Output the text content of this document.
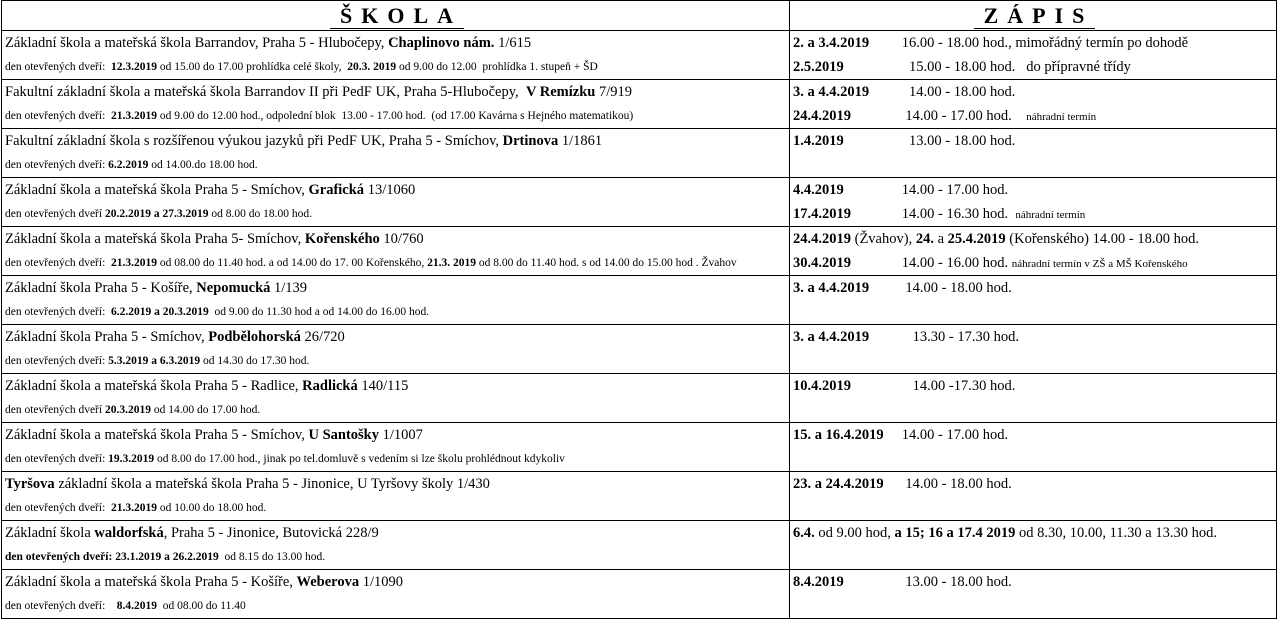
ŠKOLA	ZÁPIS
Základní škola a mateřská škola Barrandov, Praha 5 - Hlubočepy, Chaplinovo nám. 1/615	2. a 3.4.2019         16.00 - 18.00 hod., mimořádný termín po dohodě
den otevřených dveří:  12.3.2019 od 15.00 do 17.00 prohlídka celé školy,  20.3. 2019 od 9.00 do 12.00  prohlídka 1. stupeň + ŠD	2.5.2019                  15.00 - 18.00 hod.   do přípravné třídy
Fakultní základní škola a mateřská škola Barrandov II při PedF UK, Praha 5-Hlubočepy,  V Remízku 7/919	3. a 4.4.2019           14.00 - 18.00 hod.
den otevřených dveří:  21.3.2019 od 9.00 do 12.00 hod., odpolední blok  13.00 - 17.00 hod.  (od 17.00 Kavárna s Hejného matematikou)	24.4.2019               14.00 - 17.00 hod.    náhradní termín
Fakultní základní škola s rozšířenou výukou jazyků při PedF UK, Praha 5 - Smíchov, Drtinova 1/1861	1.4.2019                  13.00 - 18.00 hod.
den otevřených dveří: 6.2.2019 od 14.00.do 18.00 hod.	
Základní škola a mateřská škola Praha 5 - Smíchov, Grafická 13/1060	4.4.2019                14.00 - 17.00 hod.
den otevřených dveří 20.2.2019 a 27.3.2019 od 8.00 do 18.00 hod.	17.4.2019              14.00 - 16.30 hod.  náhradní termín
Základní škola a mateřská škola Praha 5- Smíchov, Kořenského 10/760	24.4.2019 (Žvahov), 24. a 25.4.2019 (Kořenského) 14.00 - 18.00 hod.
den otevřených dveří:  21.3.2019 od 08.00 do 11.40 hod. a od 14.00 do 17. 00 Kořenského, 21.3. 2019 od 8.00 do 11.40 hod. s od 14.00 do 15.00 hod . Žvahov	30.4.2019              14.00 - 16.00 hod. náhradní termín v ZŠ a MŠ Kořenského
Základní škola Praha 5 - Košíře, Nepomucká 1/139	3. a 4.4.2019          14.00 - 18.00 hod.
den otevřených dveří:  6.2.2019 a 20.3.2019  od 9.00 do 11.30 hod a od 14.00 do 16.00 hod.	
Základní škola Praha 5 - Smíchov, Podbělohorská 26/720	3. a 4.4.2019            13.30 - 17.30 hod.
den otevřených dveří: 5.3.2019 a 6.3.2019 od 14.30 do 17.30 hod.	
Základní škola a mateřská škola Praha 5 - Radlice, Radlická 140/115	10.4.2019                 14.00 -17.30 hod.
den otevřených dveří 20.3.2019 od 14.00 do 17.00 hod.	
Základní škola a mateřská škola Praha 5 - Smíchov, U Santošky 1/1007	15. a 16.4.2019     14.00 - 17.00 hod.
den otevřených dveří: 19.3.2019 od 8.00 do 17.00 hod., jinak po tel.domluvě s vedením si lze školu prohlédnout kdykoliv	
Tyršova základní škola a mateřská škola Praha 5 - Jinonice, U Tyršovy školy 1/430	23. a 24.4.2019      14.00 - 18.00 hod.
den otevřených dveří:  21.3.2019 od 10.00 do 18.00 hod.	
Základní škola waldorfská, Praha 5 - Jinonice, Butovická 228/9	6.4. od 9.00 hod, a 15; 16 a 17.4 2019 od 8.30, 10.00, 11.30 a 13.30 hod.
den otevřených dveří: 23.1.2019 a 26.2.2019  od 8.15 do 13.00 hod.	
Základní škola a mateřská škola Praha 5 - Košíře, Weberova 1/1090	8.4.2019                 13.00 - 18.00 hod.
den otevřených dveří:    8.4.2019  od 08.00 do 11.40	
